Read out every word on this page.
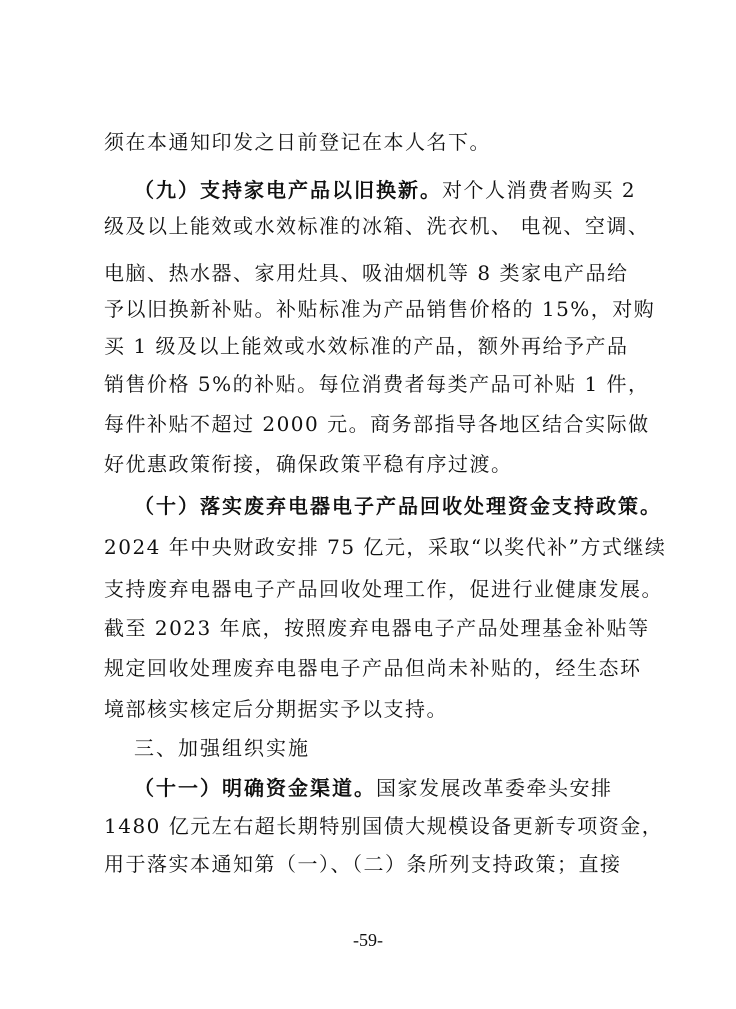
须在本通知印发之日前登记在本人名下。
（九）支持家电产品以旧换新。对个人消费者购买 2
级及以上能效或水效标准的冰箱、洗衣机、 电视、空调、
电脑、热水器、家用灶具、吸油烟机等 8 类家电产品给
予以旧换新补贴。补贴标准为产品销售价格的 15%，对购
买 1 级及以上能效或水效标准的产品，额外再给予产品
销售价格 5%的补贴。每位消费者每类产品可补贴 1 件，
每件补贴不超过 2000 元。商务部指导各地区结合实际做
好优惠政策衔接，确保政策平稳有序过渡。
（十）落实废弃电器电子产品回收处理资金支持政策。
2024 年中央财政安排 75 亿元，采取“以奖代补”方式继续
支持废弃电器电子产品回收处理工作，促进行业健康发展。
截至 2023 年底，按照废弃电器电子产品处理基金补贴等
规定回收处理废弃电器电子产品但尚未补贴的，经生态环
境部核实核定后分期据实予以支持。
三、加强组织实施
（十一）明确资金渠道。国家发展改革委牵头安排
1480 亿元左右超长期特别国债大规模设备更新专项资金，
用于落实本通知第（一）、（二）条所列支持政策；直接
-59-
